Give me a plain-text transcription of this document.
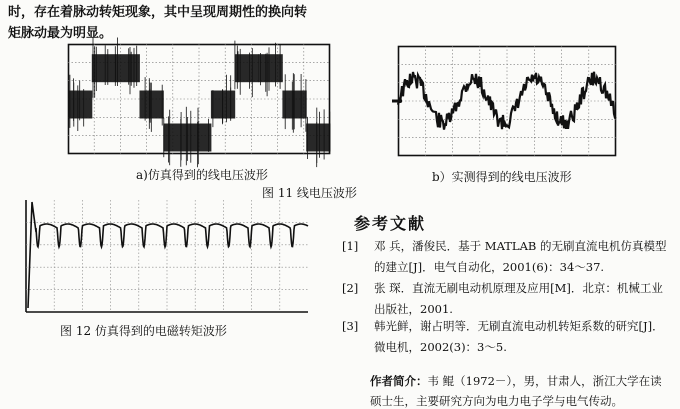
时，存在着脉动转矩现象，其中呈现周期性的换向转
矩脉动最为明显。
a)仿真得到的线电压波形	b）实测得到的线电压波形
图 11 线电压波形
图 12 仿真得到的电磁转矩波形
参考文献
[1] 邓 兵，潘俊民．基于 MATLAB 的无刷直流电机仿真模型的建立[J]．电气自动化，2001(6)：34～37.
[2] 张 琛．直流无刷电动机原理及应用[M]．北京：机械工业出版社，2001.
[3] 韩光鲜，谢占明等．无刷直流电动机转矩系数的研究[J]．微电机，2002(3)：3～5.
作者简介：韦 鲲（1972－），男，甘肃人，浙江大学在读
硕士生，主要研究方向为电力电子学与电气传动。
